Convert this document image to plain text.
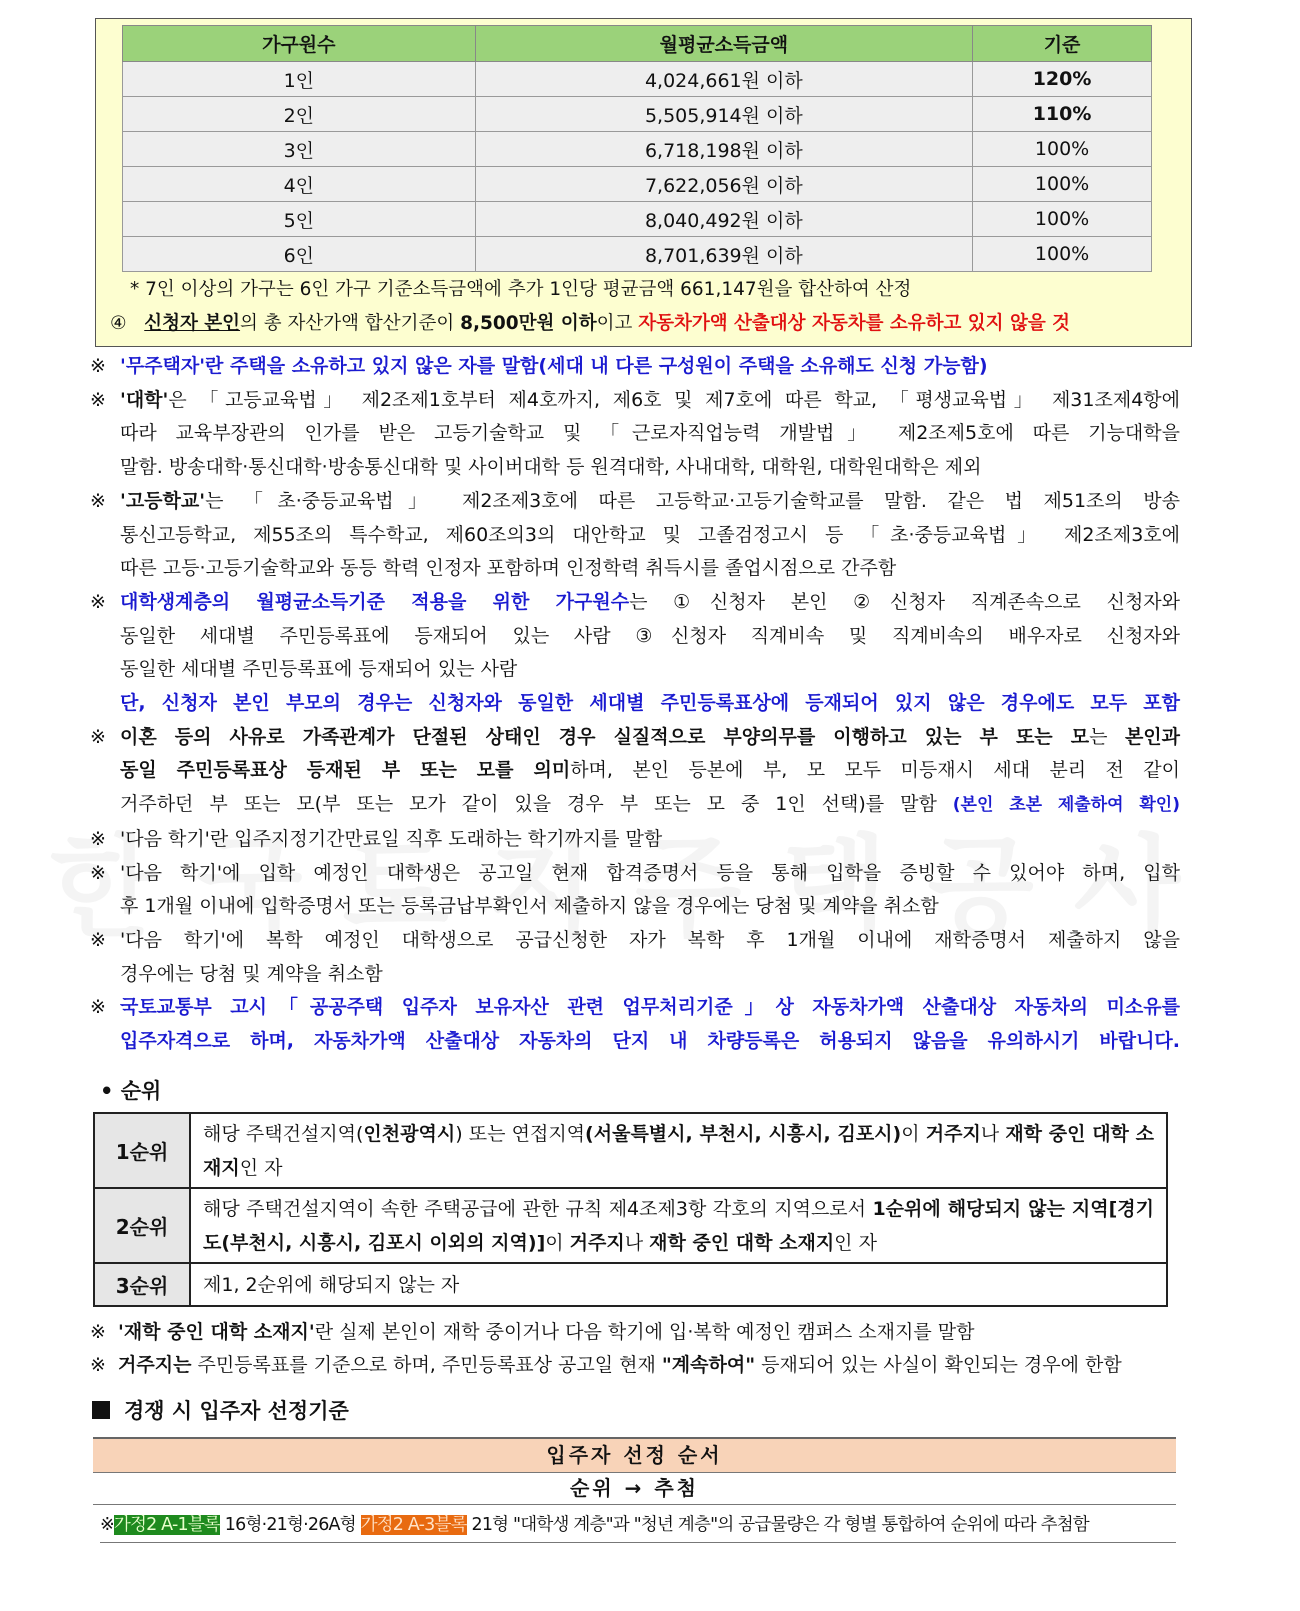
가구원수	월평균소득금액	기준
1인	4,024,661원 이하	120%
2인	5,505,914원 이하	110%
3인	6,718,198원 이하	100%
4인	7,622,056원 이하	100%
5인	8,040,492원 이하	100%
6인	8,701,639원 이하	100%
* 7인 이상의 가구는 6인 가구 기준소득금액에 추가 1인당 평균금액 661,147원을 합산하여 산정
④ 신청자 본인의 총 자산가액 합산기준이 8,500만원 이하이고 자동차가액 산출대상 자동차를 소유하고 있지 않을 것
※ '무주택자'란 주택을 소유하고 있지 않은 자를 말함(세대 내 다른 구성원이 주택을 소유해도 신청 가능함)
※ '대학'은 「고등교육법」 제2조제1호부터 제4호까지, 제6호 및 제7호에 따른 학교, 「평생교육법」 제31조제4항에
따라 교육부장관의 인가를 받은 고등기술학교 및 「근로자직업능력 개발법」 제2조제5호에 따른 기능대학을
말함. 방송대학·통신대학·방송통신대학 및 사이버대학 등 원격대학, 사내대학, 대학원, 대학원대학은 제외
※ '고등학교'는 「초·중등교육법」 제2조제3호에 따른 고등학교·고등기술학교를 말함. 같은 법 제51조의 방송
통신고등학교, 제55조의 특수학교, 제60조의3의 대안학교 및 고졸검정고시 등 「초·중등교육법」 제2조제3호에
따른 고등·고등기술학교와 동등 학력 인정자 포함하며 인정학력 취득시를 졸업시점으로 간주함
※ 대학생계층의 월평균소득기준 적용을 위한 가구원수는 ①신청자 본인 ②신청자 직계존속으로 신청자와
동일한 세대별 주민등록표에 등재되어 있는 사람 ③신청자 직계비속 및 직계비속의 배우자로 신청자와
동일한 세대별 주민등록표에 등재되어 있는 사람
단, 신청자 본인 부모의 경우는 신청자와 동일한 세대별 주민등록표상에 등재되어 있지 않은 경우에도 모두 포함
※ 이혼 등의 사유로 가족관계가 단절된 상태인 경우 실질적으로 부양의무를 이행하고 있는 부 또는 모는 본인과
동일 주민등록표상 등재된 부 또는 모를 의미하며, 본인 등본에 부, 모 모두 미등재시 세대 분리 전 같이
거주하던 부 또는 모(부 또는 모가 같이 있을 경우 부 또는 모 중 1인 선택)를 말함 (본인 초본 제출하여 확인)
※ '다음 학기'란 입주지정기간만료일 직후 도래하는 학기까지를 말함
※ '다음 학기'에 입학 예정인 대학생은 공고일 현재 합격증명서 등을 통해 입학을 증빙할 수 있어야 하며, 입학
후 1개월 이내에 입학증명서 또는 등록금납부확인서 제출하지 않을 경우에는 당첨 및 계약을 취소함
※ '다음 학기'에 복학 예정인 대학생으로 공급신청한 자가 복학 후 1개월 이내에 재학증명서 제출하지 않을
경우에는 당첨 및 계약을 취소함
※ 국토교통부 고시「공공주택 입주자 보유자산 관련 업무처리기준」상 자동차가액 산출대상 자동차의 미소유를
입주자격으로 하며, 자동차가액 산출대상 자동차의 단지 내 차량등록은 허용되지 않음을 유의하시기 바랍니다.
• 순위
1순위	해당 주택건설지역(인천광역시) 또는 연접지역(서울특별시, 부천시, 시흥시, 김포시)이 거주지나 재학 중인 대학 소재지인 자
2순위	해당 주택건설지역이 속한 주택공급에 관한 규칙 제4조제3항 각호의 지역으로서 1순위에 해당되지 않는 지역[경기도(부천시, 시흥시, 김포시 이외의 지역)]이 거주지나 재학 중인 대학 소재지인 자
3순위	제1, 2순위에 해당되지 않는 자
※ '재학 중인 대학 소재지'란 실제 본인이 재학 중이거나 다음 학기에 입·복학 예정인 캠퍼스 소재지를 말함
※ 거주지는 주민등록표를 기준으로 하며, 주민등록표상 공고일 현재 "계속하여" 등재되어 있는 사실이 확인되는 경우에 한함
경쟁 시 입주자 선정기준
입주자 선정 순서
순위 → 추첨
※가정2 A-1블록 16형·21형·26A형 가정2 A-3블록 21형 "대학생 계층"과 "청년 계층"의 공급물량은 각 형별 통합하여 순위에 따라 추첨함
